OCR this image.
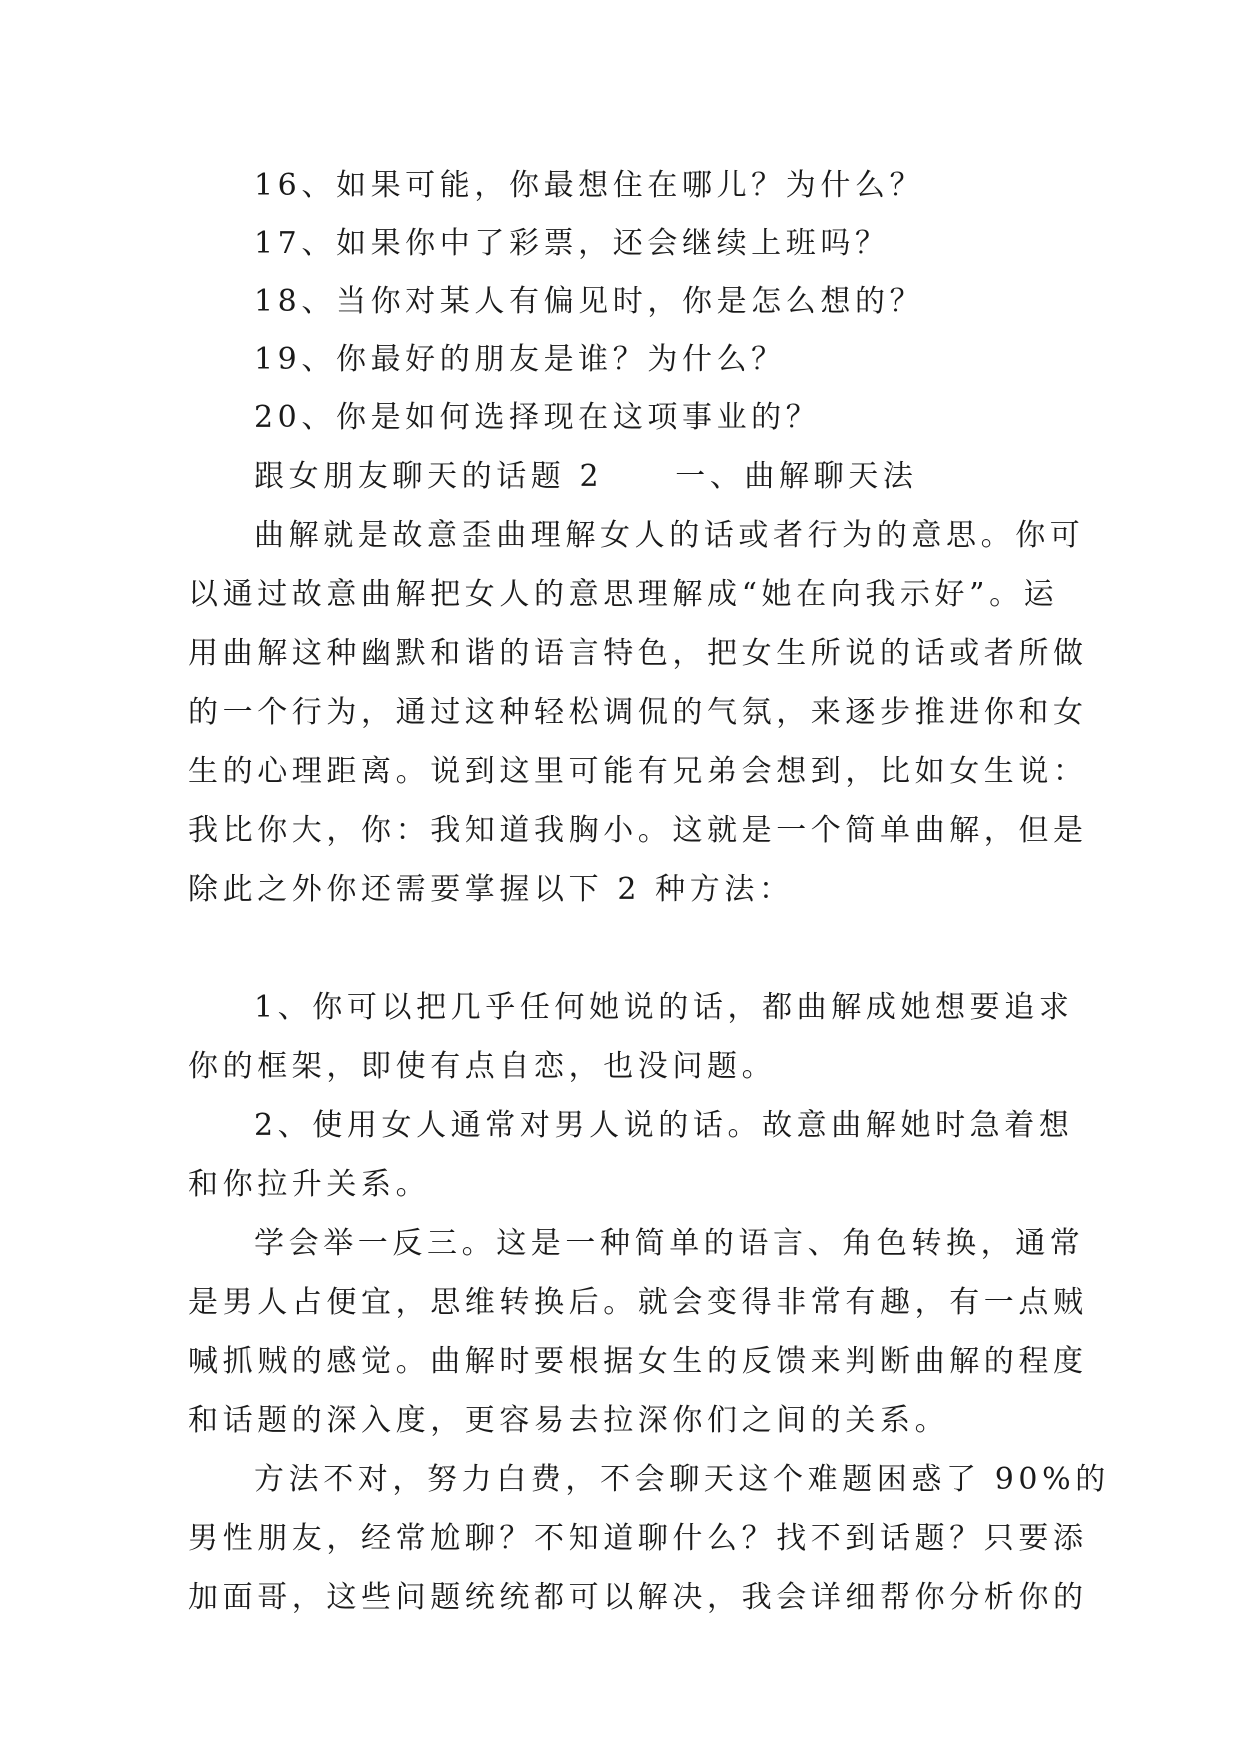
16、如果可能，你最想住在哪儿？为什么？
17、如果你中了彩票，还会继续上班吗？
18、当你对某人有偏见时，你是怎么想的？
19、你最好的朋友是谁？为什么？
20、你是如何选择现在这项事业的？
跟女朋友聊天的话题 2 一、曲解聊天法
曲解就是故意歪曲理解女人的话或者行为的意思。你可
以通过故意曲解把女人的意思理解成“她在向我示好”。运
用曲解这种幽默和谐的语言特色，把女生所说的话或者所做
的一个行为，通过这种轻松调侃的气氛，来逐步推进你和女
生的心理距离。说到这里可能有兄弟会想到，比如女生说：
我比你大，你：我知道我胸小。这就是一个简单曲解，但是
除此之外你还需要掌握以下 2 种方法：
1、你可以把几乎任何她说的话，都曲解成她想要追求
你的框架，即使有点自恋，也没问题。
2、使用女人通常对男人说的话。故意曲解她时急着想
和你拉升关系。
学会举一反三。这是一种简单的语言、角色转换，通常
是男人占便宜，思维转换后。就会变得非常有趣，有一点贼
喊抓贼的感觉。曲解时要根据女生的反馈来判断曲解的程度
和话题的深入度，更容易去拉深你们之间的关系。
方法不对，努力白费，不会聊天这个难题困惑了 90%的
男性朋友，经常尬聊？不知道聊什么？找不到话题？只要添
加面哥，这些问题统统都可以解决，我会详细帮你分析你的
